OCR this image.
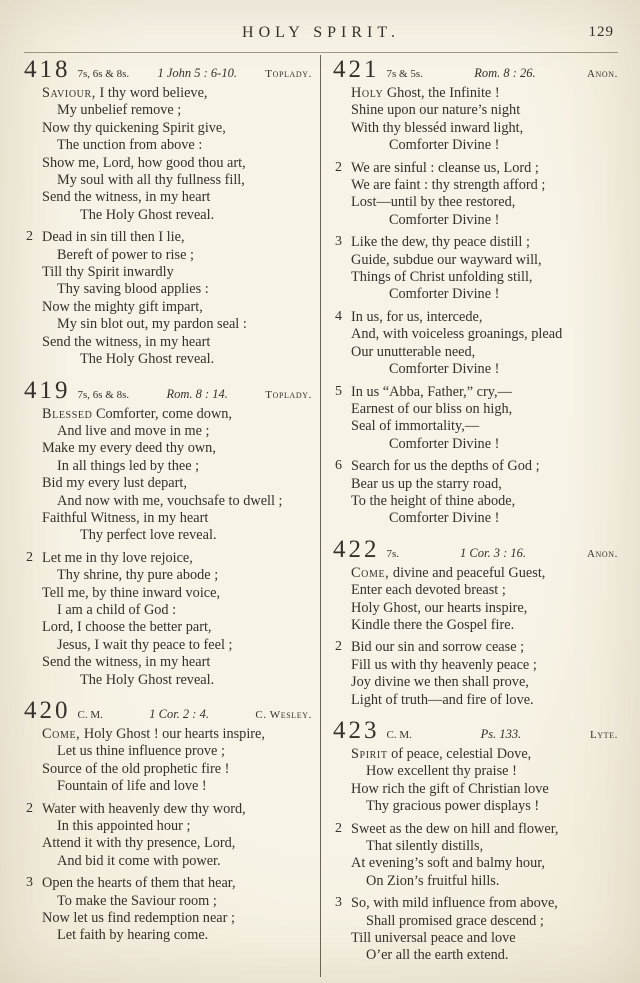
HOLY SPIRIT.	129
418 7s, 6s & 8s.	1 John 5 : 6-10.	Toplady.
Saviour, I thy word believe,
My unbelief remove ;
Now thy quickening Spirit give,
The unction from above :
Show me, Lord, how good thou art,
My soul with all thy fullness fill,
Send the witness, in my heart
The Holy Ghost reveal.
2 Dead in sin till then I lie,
Bereft of power to rise ;
Till thy Spirit inwardly
Thy saving blood applies :
Now the mighty gift impart,
My sin blot out, my pardon seal :
Send the witness, in my heart
The Holy Ghost reveal.
419 7s, 6s & 8s.	Rom. 8 : 14.	Toplady.
Blessed Comforter, come down,
And live and move in me ;
Make my every deed thy own,
In all things led by thee ;
Bid my every lust depart,
And now with me, vouchsafe to dwell ;
Faithful Witness, in my heart
Thy perfect love reveal.
2 Let me in thy love rejoice,
Thy shrine, thy pure abode ;
Tell me, by thine inward voice,
I am a child of God :
Lord, I choose the better part,
Jesus, I wait thy peace to feel ;
Send the witness, in my heart
The Holy Ghost reveal.
420 C. M.	1 Cor. 2 : 4.	C. Wesley.
Come, Holy Ghost ! our hearts inspire,
Let us thine influence prove ;
Source of the old prophetic fire !
Fountain of life and love !
2 Water with heavenly dew thy word,
In this appointed hour ;
Attend it with thy presence, Lord,
And bid it come with power.
3 Open the hearts of them that hear,
To make the Saviour room ;
Now let us find redemption near ;
Let faith by hearing come.
421 7s & 5s.	Rom. 8 : 26.	Anon.
Holy Ghost, the Infinite !
Shine upon our nature’s night
With thy blesséd inward light,
Comforter Divine !
2 We are sinful : cleanse us, Lord ;
We are faint : thy strength afford ;
Lost—until by thee restored,
Comforter Divine !
3 Like the dew, thy peace distill ;
Guide, subdue our wayward will,
Things of Christ unfolding still,
Comforter Divine !
4 In us, for us, intercede,
And, with voiceless groanings, plead
Our unutterable need,
Comforter Divine !
5 In us “Abba, Father,” cry,—
Earnest of our bliss on high,
Seal of immortality,—
Comforter Divine !
6 Search for us the depths of God ;
Bear us up the starry road,
To the height of thine abode,
Comforter Divine !
422 7s.	1 Cor. 3 : 16.	Anon.
Come, divine and peaceful Guest,
Enter each devoted breast ;
Holy Ghost, our hearts inspire,
Kindle there the Gospel fire.
2 Bid our sin and sorrow cease ;
Fill us with thy heavenly peace ;
Joy divine we then shall prove,
Light of truth—and fire of love.
423 C. M.	Ps. 133.	Lyte.
Spirit of peace, celestial Dove,
How excellent thy praise !
How rich the gift of Christian love
Thy gracious power displays !
2 Sweet as the dew on hill and flower,
That silently distills,
At evening’s soft and balmy hour,
On Zion’s fruitful hills.
3 So, with mild influence from above,
Shall promised grace descend ;
Till universal peace and love
O’er all the earth extend.
